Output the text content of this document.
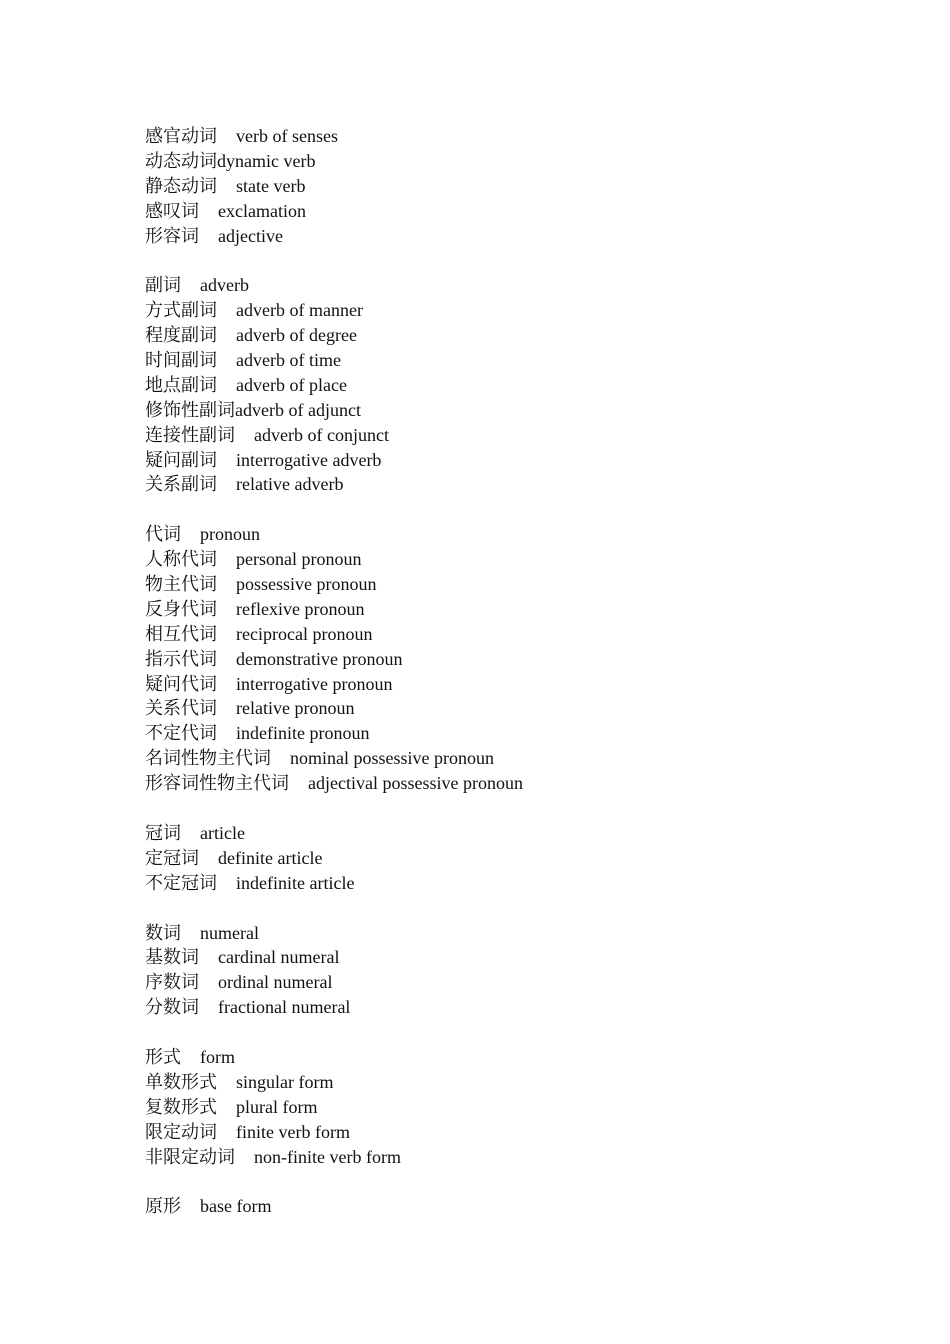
感官动词 verb of senses
动态动词dynamic verb
静态动词 state verb
感叹词 exclamation
形容词 adjective
副词 adverb
方式副词 adverb of manner
程度副词 adverb of degree
时间副词 adverb of time
地点副词 adverb of place
修饰性副词adverb of adjunct
连接性副词 adverb of conjunct
疑问副词 interrogative adverb
关系副词 relative adverb
代词 pronoun
人称代词 personal pronoun
物主代词 possessive pronoun
反身代词 reflexive pronoun
相互代词 reciprocal pronoun
指示代词 demonstrative pronoun
疑问代词 interrogative pronoun
关系代词 relative pronoun
不定代词 indefinite pronoun
名词性物主代词 nominal possessive pronoun
形容词性物主代词 adjectival possessive pronoun
冠词 article
定冠词 definite article
不定冠词 indefinite article
数词 numeral
基数词 cardinal numeral
序数词 ordinal numeral
分数词 fractional numeral
形式 form
单数形式 singular form
复数形式 plural form
限定动词 finite verb form
非限定动词 non-finite verb form
原形 base form
